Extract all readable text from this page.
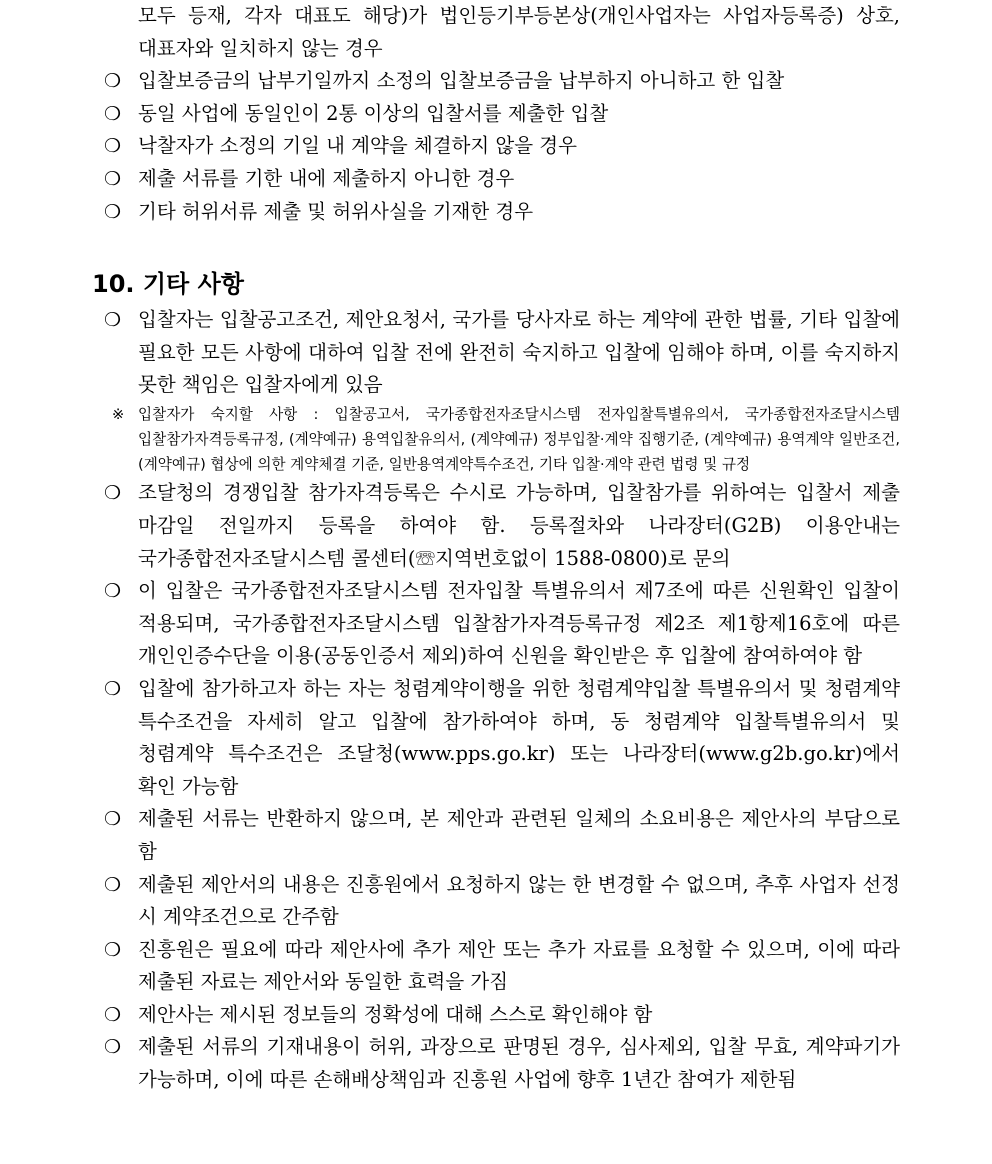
모두 등재, 각자 대표도 해당)가 법인등기부등본상(개인사업자는 사업자등록증) 상호, 대표자와 일치하지 않는 경우
❍ 입찰보증금의 납부기일까지 소정의 입찰보증금을 납부하지 아니하고 한 입찰
❍ 동일 사업에 동일인이 2통 이상의 입찰서를 제출한 입찰
❍ 낙찰자가 소정의 기일 내 계약을 체결하지 않을 경우
❍ 제출 서류를 기한 내에 제출하지 아니한 경우
❍ 기타 허위서류 제출 및 허위사실을 기재한 경우
10. 기타 사항
❍ 입찰자는 입찰공고조건, 제안요청서, 국가를 당사자로 하는 계약에 관한 법률, 기타 입찰에 필요한 모든 사항에 대하여 입찰 전에 완전히 숙지하고 입찰에 임해야 하며, 이를 숙지하지 못한 책임은 입찰자에게 있음
※ 입찰자가 숙지할 사항 : 입찰공고서, 국가종합전자조달시스템 전자입찰특별유의서, 국가종합전자조달시스템 입찰참가자격등록규정, (계약예규) 용역입찰유의서, (계약예규) 정부입찰·계약 집행기준, (계약예규) 용역계약 일반조건, (계약예규) 협상에 의한 계약체결 기준, 일반용역계약특수조건, 기타 입찰·계약 관련 법령 및 규정
❍ 조달청의 경쟁입찰 참가자격등록은 수시로 가능하며, 입찰참가를 위하여는 입찰서 제출 마감일 전일까지 등록을 하여야 함. 등록절차와 나라장터(G2B) 이용안내는 국가종합전자조달시스템 콜센터(☏지역번호없이 1588-0800)로 문의
❍ 이 입찰은 국가종합전자조달시스템 전자입찰 특별유의서 제7조에 따른 신원확인 입찰이 적용되며, 국가종합전자조달시스템 입찰참가자격등록규정 제2조 제1항제16호에 따른 개인인증수단을 이용(공동인증서 제외)하여 신원을 확인받은 후 입찰에 참여하여야 함
❍ 입찰에 참가하고자 하는 자는 청렴계약이행을 위한 청렴계약입찰 특별유의서 및 청렴계약 특수조건을 자세히 알고 입찰에 참가하여야 하며, 동 청렴계약 입찰특별유의서 및 청렴계약 특수조건은 조달청(www.pps.go.kr) 또는 나라장터(www.g2b.go.kr)에서 확인 가능함
❍ 제출된 서류는 반환하지 않으며, 본 제안과 관련된 일체의 소요비용은 제안사의 부담으로 함
❍ 제출된 제안서의 내용은 진흥원에서 요청하지 않는 한 변경할 수 없으며, 추후 사업자 선정 시 계약조건으로 간주함
❍ 진흥원은 필요에 따라 제안사에 추가 제안 또는 추가 자료를 요청할 수 있으며, 이에 따라 제출된 자료는 제안서와 동일한 효력을 가짐
❍ 제안사는 제시된 정보들의 정확성에 대해 스스로 확인해야 함
❍ 제출된 서류의 기재내용이 허위, 과장으로 판명된 경우, 심사제외, 입찰 무효, 계약파기가 가능하며, 이에 따른 손해배상책임과 진흥원 사업에 향후 1년간 참여가 제한됨
